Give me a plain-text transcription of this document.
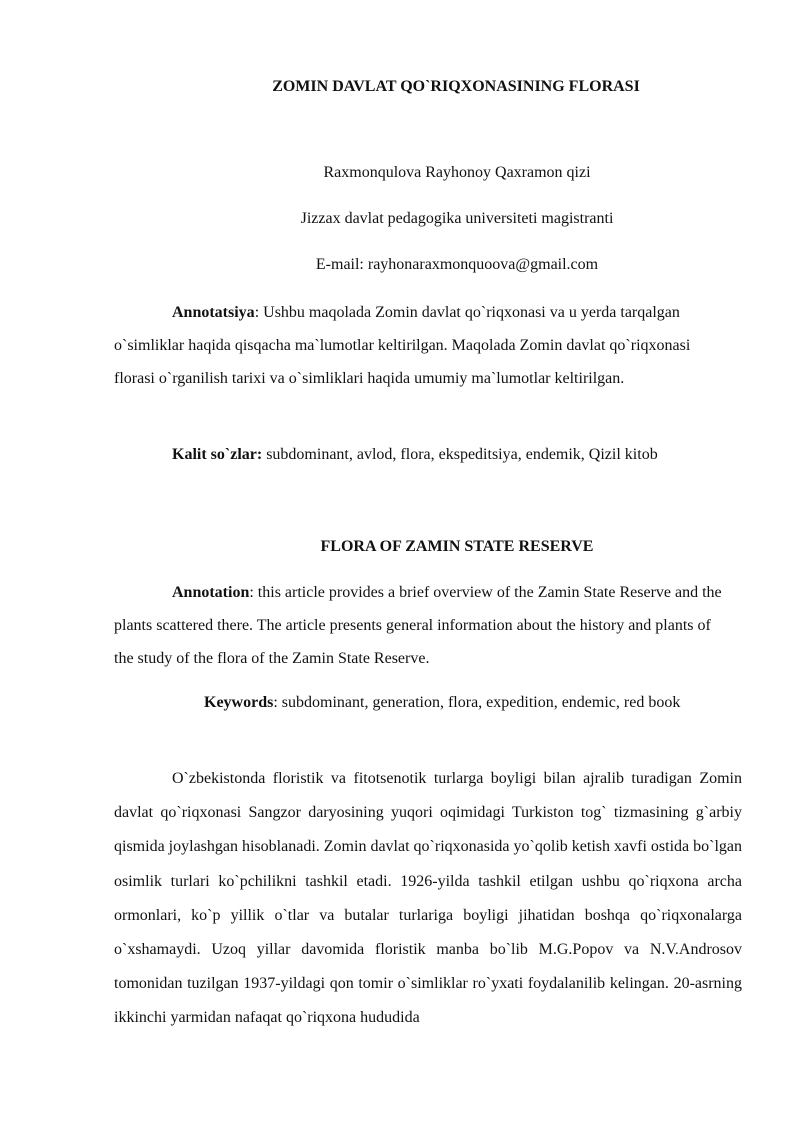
ZOMIN DAVLAT QO`RIQXONASINING FLORASI
Raxmonqulova Rayhonoy Qaxramon qizi
Jizzax davlat pedagogika universiteti magistranti
E-mail: rayhonaraxmonquoova@gmail.com
Annotatsiya: Ushbu maqolada Zomin davlat qo`riqxonasi va u yerda tarqalgan o`simliklar haqida qisqacha ma`lumotlar keltirilgan. Maqolada Zomin davlat qo`riqxonasi florasi o`rganilish tarixi va o`simliklari haqida umumiy ma`lumotlar keltirilgan.
Kalit so`zlar: subdominant, avlod, flora, ekspeditsiya, endemik, Qizil kitob
FLORA OF ZAMIN STATE RESERVE
Annotation: this article provides a brief overview of the Zamin State Reserve and the plants scattered there. The article presents general information about the history and plants of the study of the flora of the Zamin State Reserve.
Keywords: subdominant, generation, flora, expedition, endemic, red book
O`zbekistonda floristik va fitotsenotik turlarga boyligi bilan ajralib turadigan Zomin davlat qo`riqxonasi Sangzor daryosining yuqori oqimidagi Turkiston tog` tizmasining g`arbiy qismida joylashgan hisoblanadi. Zomin davlat qo`riqxonasida yo`qolib ketish xavfi ostida bo`lgan osimlik turlari ko`pchilikni tashkil etadi. 1926-yilda tashkil etilgan ushbu qo`riqxona archa ormonlari, ko`p yillik o`tlar va butalar turlariga boyligi jihatidan boshqa qo`riqxonalarga o`xshamaydi. Uzoq yillar davomida floristik manba bo`lib M.G.Popov va N.V.Androsov tomonidan tuzilgan 1937-yildagi qon tomir o`simliklar ro`yxati foydalanilib kelingan. 20-asrning ikkinchi yarmidan nafaqat qo`riqxona hududida
